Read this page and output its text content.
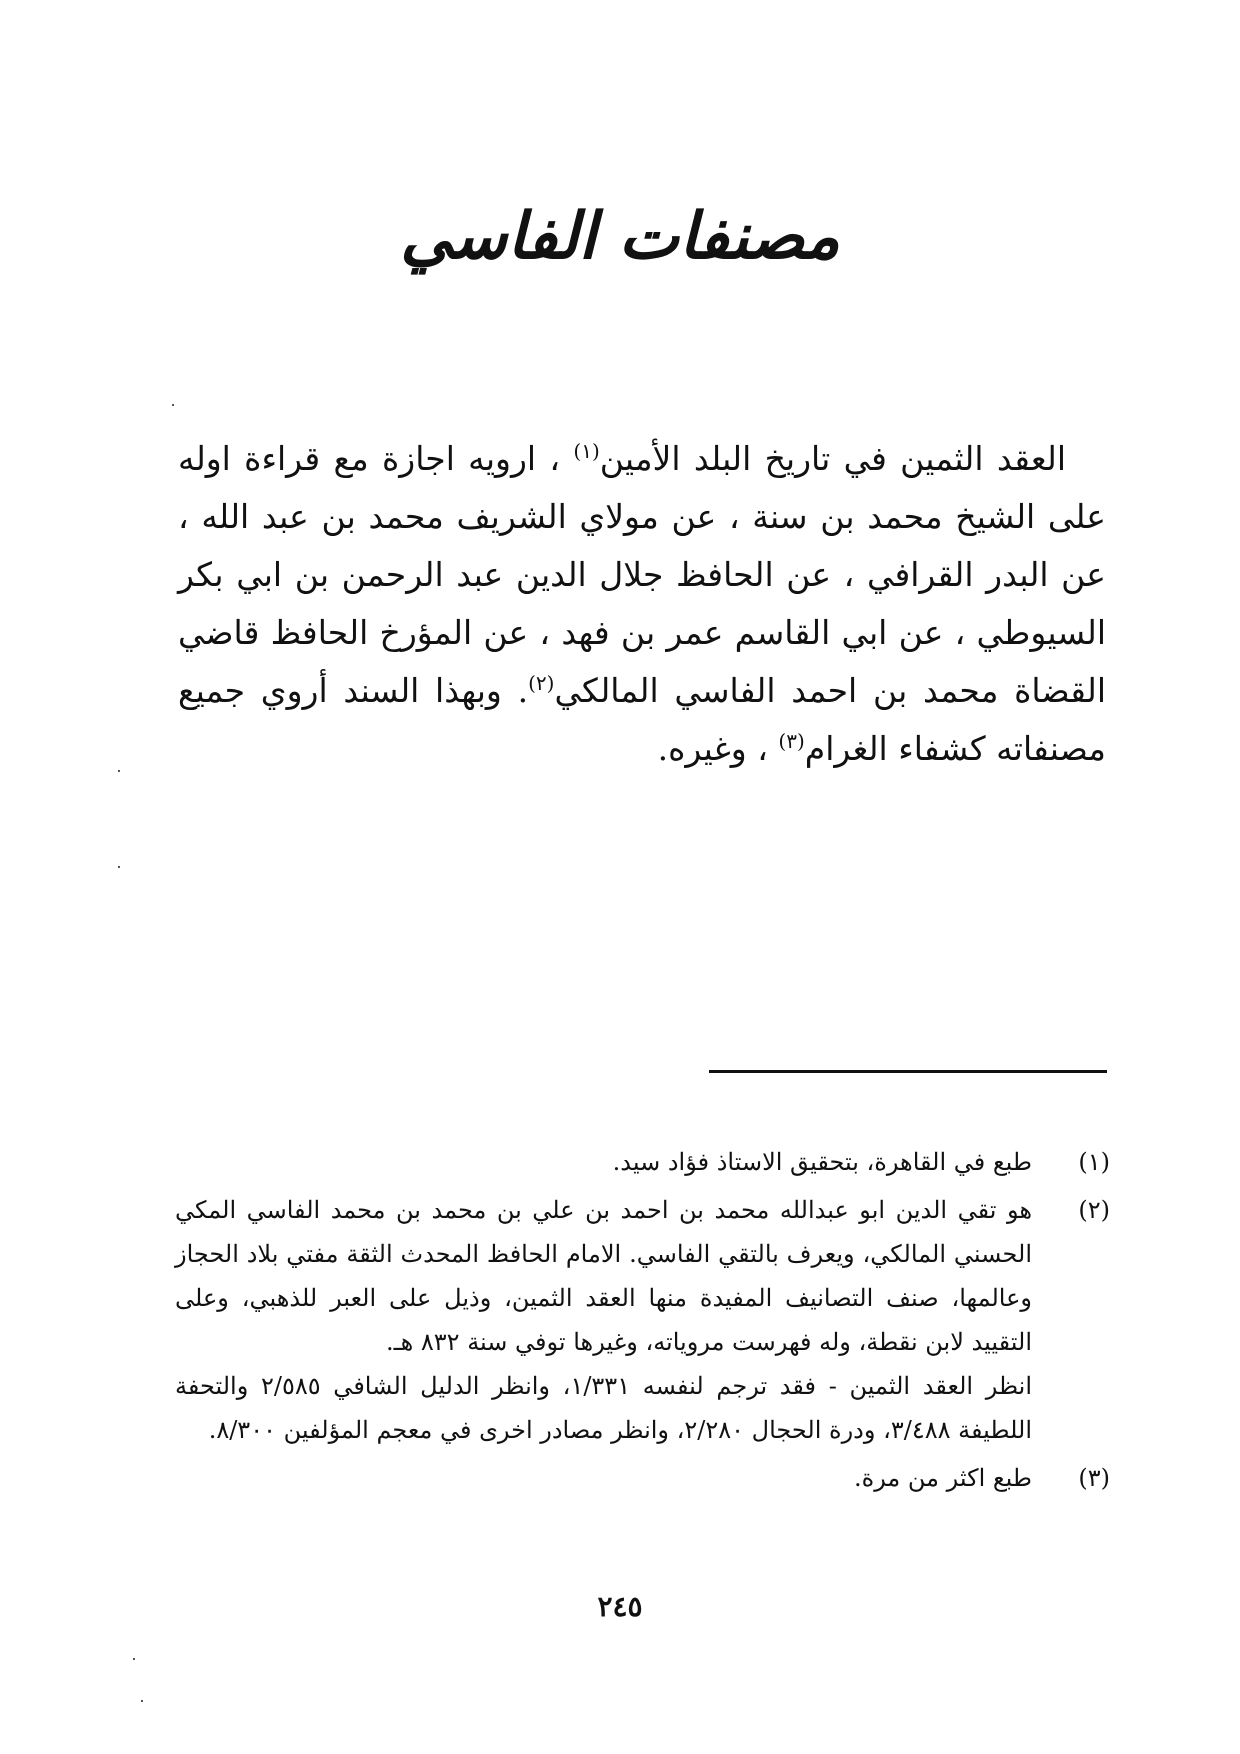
مصنفات الفاسي

العقد الثمين في تاريخ البلد الأمين$^{(١)}$ ، ارويه اجازة مع قراءة اوله على الشيخ محمد بن سنة ، عن مولاي الشريف محمد بن عبد الله ، عن البدر القرافي ، عن الحافظ جلال الدين عبد الرحمن بن ابي بكر السيوطي ، عن ابي القاسم عمر بن فهد ، عن المؤرخ الحافظ قاضي القضاة محمد بن احمد الفاسي المالكي$^{(٢)}$. وبهذا السند أروي جميع مصنفاته كشفاء الغرام$^{(٣)}$ ، وغيره.

(١)
طبع في القاهرة، بتحقيق الاستاذ فؤاد سيد.
(٢)
هو تقي الدين ابو عبدالله محمد بن احمد بن علي بن محمد بن محمد الفاسي المكي الحسني المالكي، ويعرف بالتقي الفاسي. الامام الحافظ المحدث الثقة مفتي بلاد الحجاز وعالمها، صنف التصانيف المفيدة منها العقد الثمين، وذيل على العبر للذهبي، وعلى التقييد لابن نقطة، وله فهرست مروياته، وغيرها توفي سنة ٨٣٢ هـ.
انظر العقد الثمين - فقد ترجم لنفسه ١/٣٣١، وانظر الدليل الشافي ٢/٥٨٥ والتحفة اللطيفة ٣/٤٨٨، ودرة الحجال ٢/٢٨٠، وانظر مصادر اخرى في معجم المؤلفين ٨/٣٠٠.
(٣)
طبع اكثر من مرة.
٢٤٥
